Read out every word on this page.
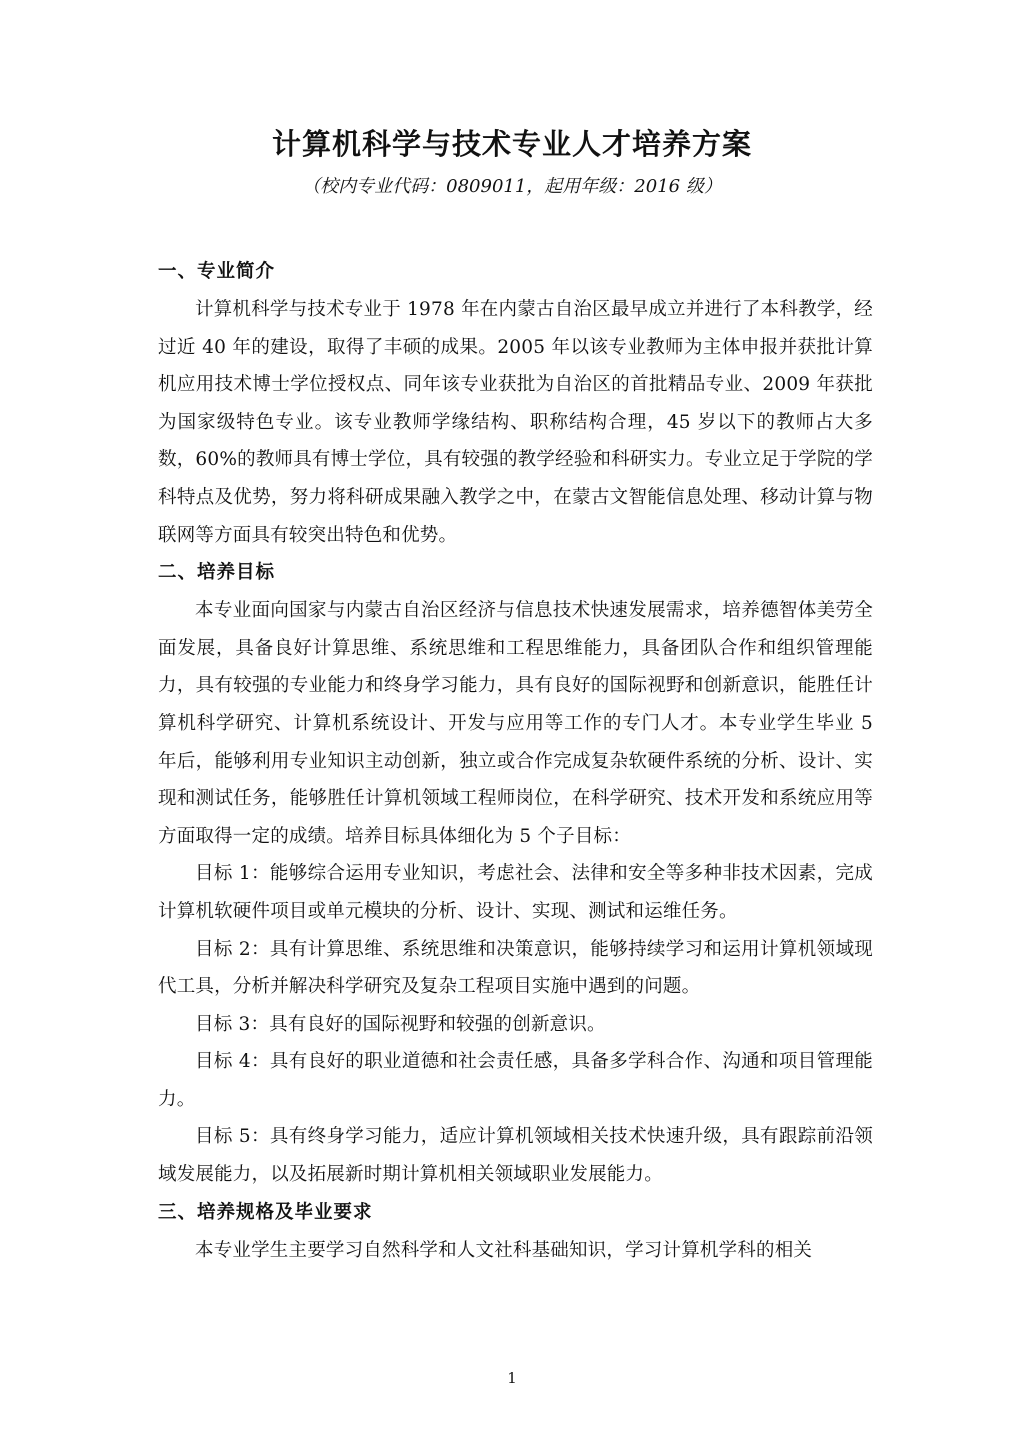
计算机科学与技术专业人才培养方案
（校内专业代码：0809011，起用年级：2016 级）

一、专业简介

计算机科学与技术专业于 1978 年在内蒙古自治区最早成立并进行了本科教学，经过近 40 年的建设，取得了丰硕的成果。2005 年以该专业教师为主体申报并获批计算机应用技术博士学位授权点、同年该专业获批为自治区的首批精品专业、2009 年获批为国家级特色专业。该专业教师学缘结构、职称结构合理，45 岁以下的教师占大多数，60%的教师具有博士学位，具有较强的教学经验和科研实力。专业立足于学院的学科特点及优势，努力将科研成果融入教学之中，在蒙古文智能信息处理、移动计算与物联网等方面具有较突出特色和优势。

二、培养目标

本专业面向国家与内蒙古自治区经济与信息技术快速发展需求，培养德智体美劳全面发展，具备良好计算思维、系统思维和工程思维能力，具备团队合作和组织管理能力，具有较强的专业能力和终身学习能力，具有良好的国际视野和创新意识，能胜任计算机科学研究、计算机系统设计、开发与应用等工作的专门人才。本专业学生毕业 5 年后，能够利用专业知识主动创新，独立或合作完成复杂软硬件系统的分析、设计、实现和测试任务，能够胜任计算机领域工程师岗位，在科学研究、技术开发和系统应用等方面取得一定的成绩。培养目标具体细化为 5 个子目标：

目标 1：能够综合运用专业知识，考虑社会、法律和安全等多种非技术因素，完成计算机软硬件项目或单元模块的分析、设计、实现、测试和运维任务。

目标 2：具有计算思维、系统思维和决策意识，能够持续学习和运用计算机领域现代工具，分析并解决科学研究及复杂工程项目实施中遇到的问题。

目标 3：具有良好的国际视野和较强的创新意识。

目标 4：具有良好的职业道德和社会责任感，具备多学科合作、沟通和项目管理能力。

目标 5：具有终身学习能力，适应计算机领域相关技术快速升级，具有跟踪前沿领域发展能力，以及拓展新时期计算机相关领域职业发展能力。

三、培养规格及毕业要求

本专业学生主要学习自然科学和人文社科基础知识，学习计算机学科的相关

1
